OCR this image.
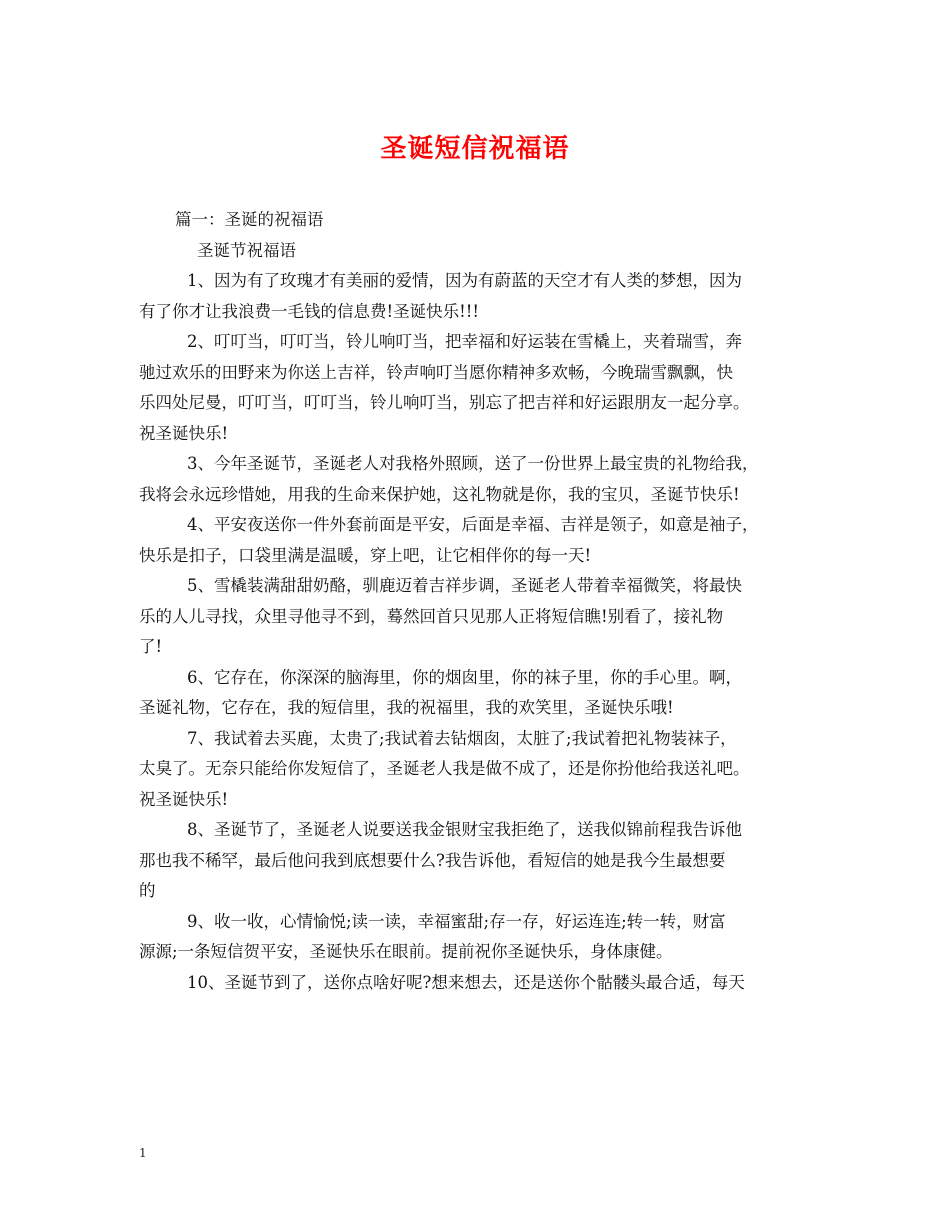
圣诞短信祝福语
篇一：圣诞的祝福语
圣诞节祝福语
1、因为有了玫瑰才有美丽的爱情，因为有蔚蓝的天空才有人类的梦想，因为
有了你才让我浪费一毛钱的信息费!圣诞快乐!!!
2、叮叮当，叮叮当，铃儿响叮当，把幸福和好运装在雪橇上，夹着瑞雪，奔
驰过欢乐的田野来为你送上吉祥，铃声响叮当愿你精神多欢畅，今晚瑞雪飘飘，快
乐四处尼曼，叮叮当，叮叮当，铃儿响叮当，别忘了把吉祥和好运跟朋友一起分享。
祝圣诞快乐!
3、今年圣诞节，圣诞老人对我格外照顾，送了一份世界上最宝贵的礼物给我，
我将会永远珍惜她，用我的生命来保护她，这礼物就是你，我的宝贝，圣诞节快乐!
4、平安夜送你一件外套前面是平安，后面是幸福、吉祥是领子，如意是袖子，
快乐是扣子，口袋里满是温暖，穿上吧，让它相伴你的每一天!
5、雪橇装满甜甜奶酪，驯鹿迈着吉祥步调，圣诞老人带着幸福微笑，将最快
乐的人儿寻找，众里寻他寻不到，蓦然回首只见那人正将短信瞧!别看了，接礼物
了!
6、它存在，你深深的脑海里，你的烟囱里，你的袜子里，你的手心里。啊，
圣诞礼物，它存在，我的短信里，我的祝福里，我的欢笑里，圣诞快乐哦!
7、我试着去买鹿，太贵了;我试着去钻烟囱，太脏了;我试着把礼物装袜子，
太臭了。无奈只能给你发短信了，圣诞老人我是做不成了，还是你扮他给我送礼吧。
祝圣诞快乐!
8、圣诞节了，圣诞老人说要送我金银财宝我拒绝了，送我似锦前程我告诉他
那也我不稀罕，最后他问我到底想要什么?我告诉他，看短信的她是我今生最想要
的
9、收一收，心情愉悦;读一读，幸福蜜甜;存一存，好运连连;转一转，财富
源源;一条短信贺平安，圣诞快乐在眼前。提前祝你圣诞快乐，身体康健。
10、圣诞节到了，送你点啥好呢?想来想去，还是送你个骷髅头最合适，每天
1
